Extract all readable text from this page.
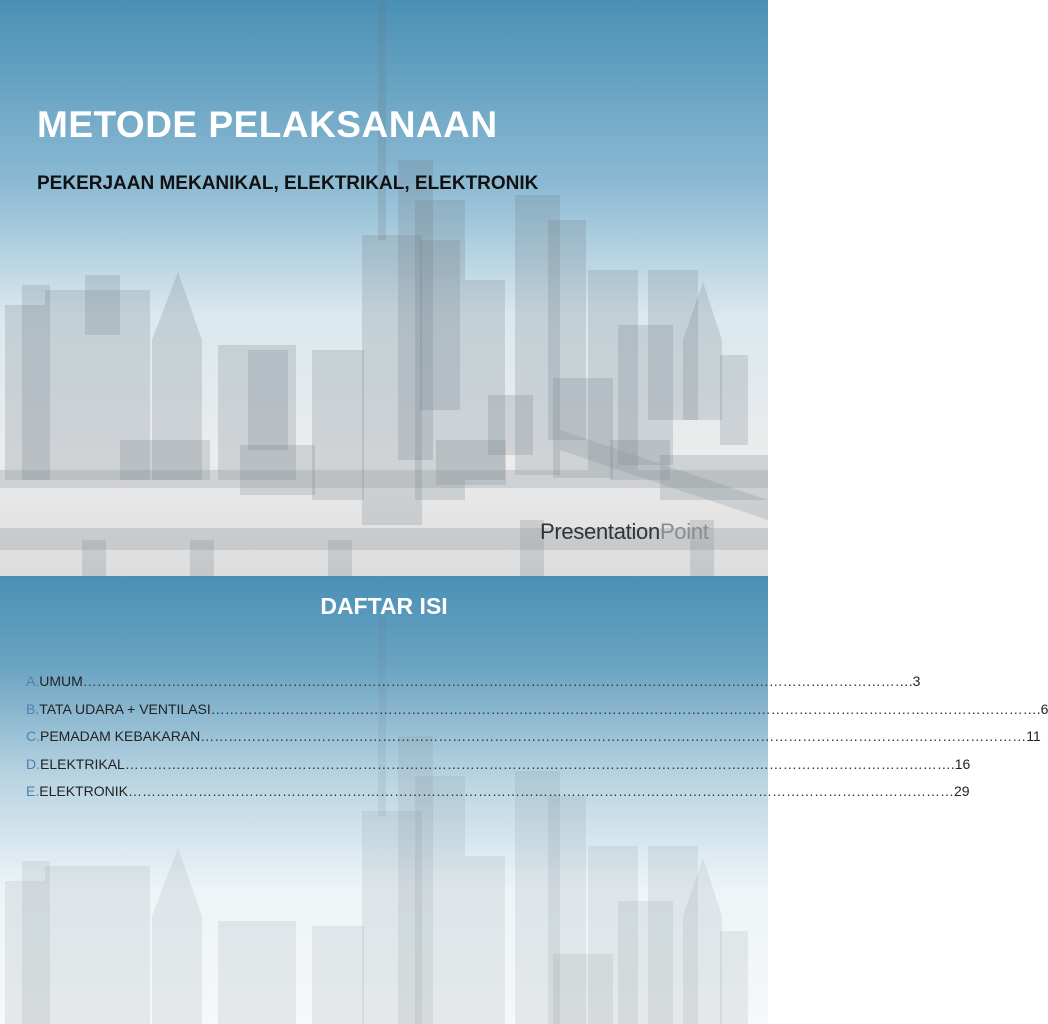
METODE PELAKSANAAN
PEKERJAAN MEKANIKAL, ELEKTRIKAL, ELEKTRONIK
PresentationPoint
DAFTAR ISI
A. UMUM …………………………………………………………………………………………………………………………………………………………… .3
B. TATA UDARA + VENTILASI …………………………………………………………………………………………………………………………………………………………… .6
C. PEMADAM KEBAKARAN …………………………………………………………………………………………………………………………………………………………… 11
D. ELEKTRIKAL …………………………………………………………………………………………………………………………………………………………… .16
E. ELEKTRONIK …………………………………………………………………………………………………………………………………………………………… 29
